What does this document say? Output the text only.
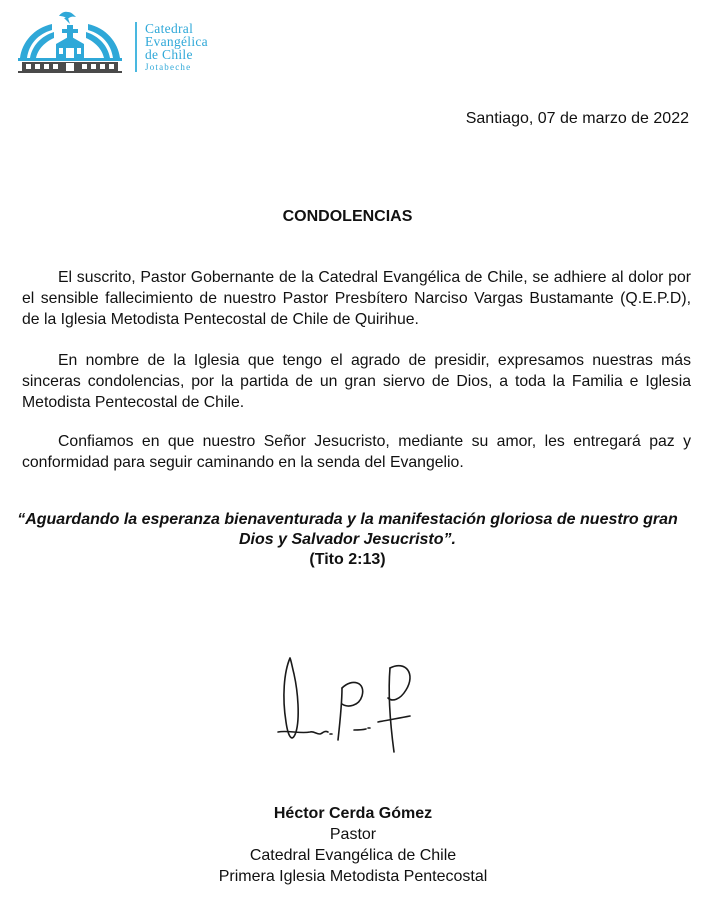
Catedral
Evangélica
de Chile
Jotabeche
Santiago, 07 de marzo de 2022
CONDOLENCIAS

El suscrito, Pastor Gobernante de la Catedral Evangélica de Chile, se adhiere al dolor por el sensible fallecimiento de nuestro Pastor Presbítero Narciso Vargas Bustamante (Q.E.P.D), de la Iglesia Metodista Pentecostal de Chile de Quirihue.

En nombre de la Iglesia que tengo el agrado de presidir, expresamos nuestras más sinceras condolencias, por la partida de un gran siervo de Dios, a toda la Familia e Iglesia Metodista Pentecostal de Chile.

Confiamos en que nuestro Señor Jesucristo, mediante su amor, les entregará paz y conformidad para seguir caminando en la senda del Evangelio.

“Aguardando la esperanza bienaventurada y la manifestación gloriosa de nuestro gran Dios y Salvador Jesucristo”.
(Tito 2:13)
Héctor Cerda Gómez
Pastor
Catedral Evangélica de Chile
Primera Iglesia Metodista Pentecostal
